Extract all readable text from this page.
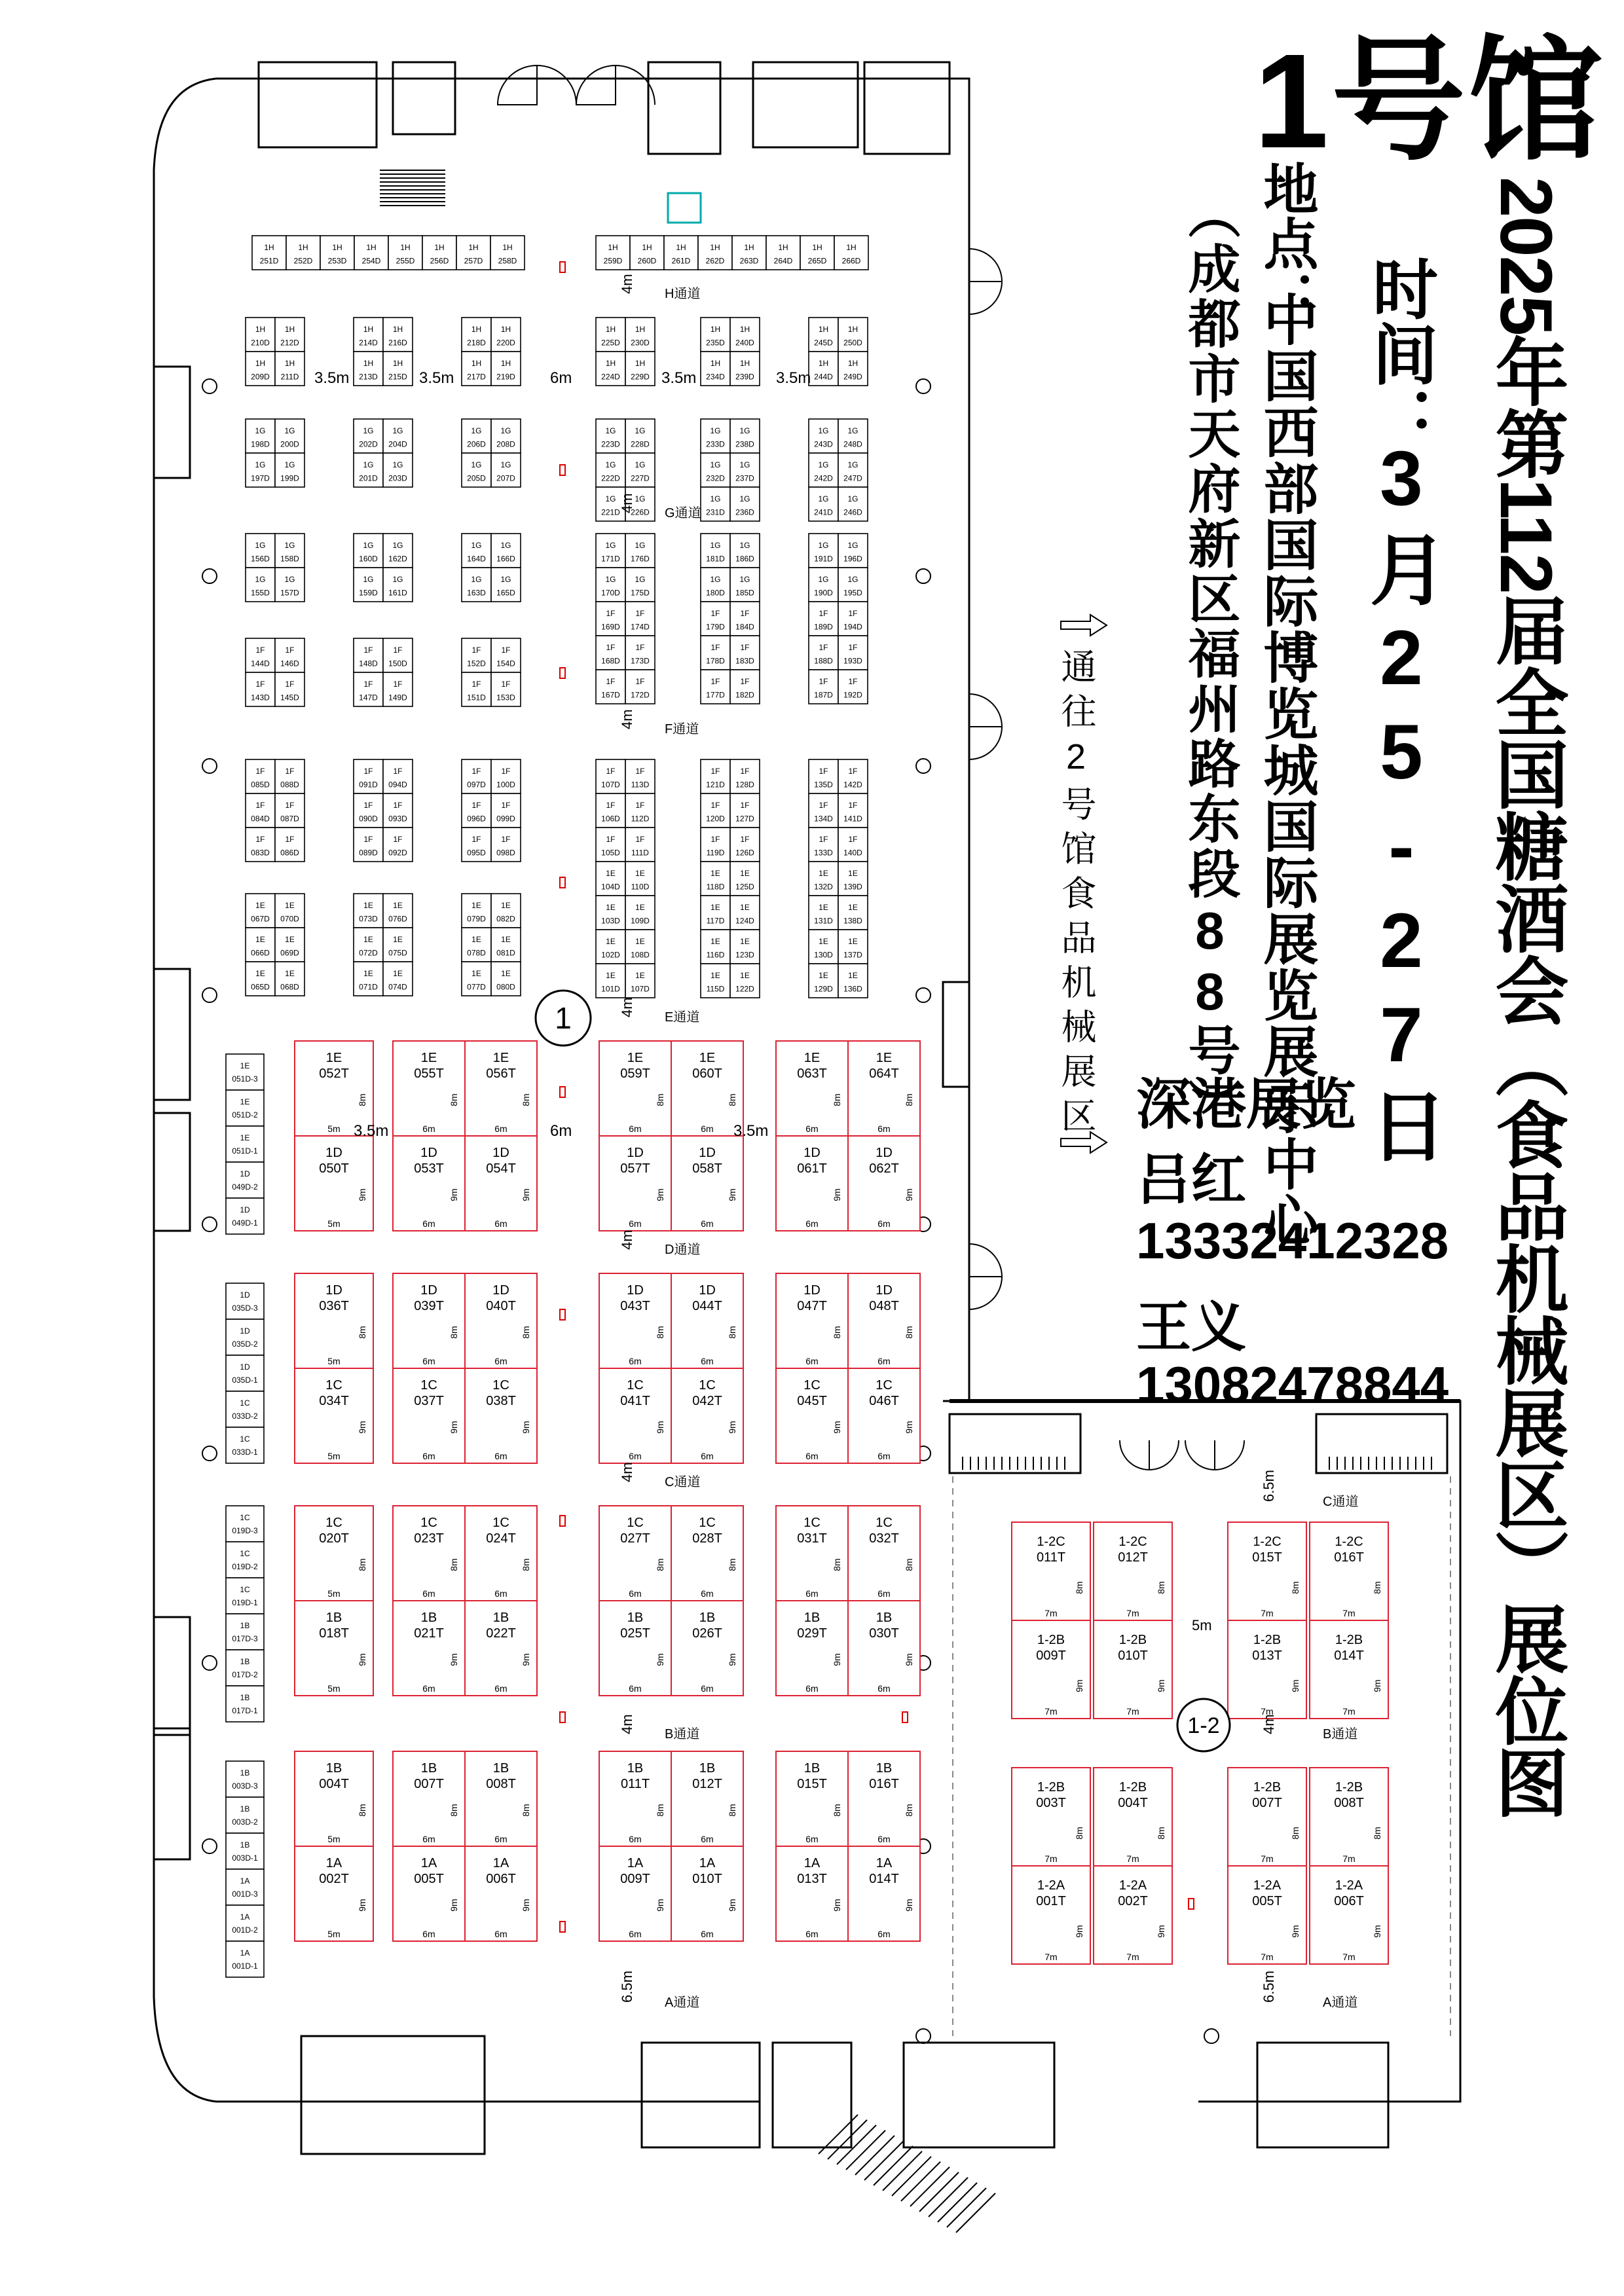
1H
251D
1H
252D
1H
253D
1H
254D
1H
255D
1H
256D
1H
257D
1H
258D
1H
259D
1H
260D
1H
261D
1H
262D
1H
263D
1H
264D
1H
265D
1H
266D
1H
210D
1H
212D
1H
209D
1H
211D
1H
214D
1H
216D
1H
213D
1H
215D
1H
218D
1H
220D
1H
217D
1H
219D
1H
225D
1H
230D
1H
224D
1H
229D
1H
235D
1H
240D
1H
234D
1H
239D
1H
245D
1H
250D
1H
244D
1H
249D
1G
198D
1G
200D
1G
197D
1G
199D
1G
202D
1G
204D
1G
201D
1G
203D
1G
206D
1G
208D
1G
205D
1G
207D
1G
223D
1G
228D
1G
222D
1G
227D
1G
221D
1G
226D
1G
233D
1G
238D
1G
232D
1G
237D
1G
231D
1G
236D
1G
243D
1G
248D
1G
242D
1G
247D
1G
241D
1G
246D
1G
156D
1G
158D
1G
155D
1G
157D
1G
160D
1G
162D
1G
159D
1G
161D
1G
164D
1G
166D
1G
163D
1G
165D
1G
171D
1G
176D
1G
170D
1G
175D
1F
169D
1F
174D
1F
168D
1F
173D
1F
167D
1F
172D
1G
181D
1G
186D
1G
180D
1G
185D
1F
179D
1F
184D
1F
178D
1F
183D
1F
177D
1F
182D
1G
191D
1G
196D
1G
190D
1G
195D
1F
189D
1F
194D
1F
188D
1F
193D
1F
187D
1F
192D
1F
144D
1F
146D
1F
143D
1F
145D
1F
148D
1F
150D
1F
147D
1F
149D
1F
152D
1F
154D
1F
151D
1F
153D
1F
085D
1F
088D
1F
084D
1F
087D
1F
083D
1F
086D
1F
091D
1F
094D
1F
090D
1F
093D
1F
089D
1F
092D
1F
097D
1F
100D
1F
096D
1F
099D
1F
095D
1F
098D
1F
107D
1F
113D
1F
106D
1F
112D
1F
105D
1F
111D
1E
104D
1E
110D
1E
103D
1E
109D
1E
102D
1E
108D
1E
101D
1E
107D
1F
121D
1F
128D
1F
120D
1F
127D
1F
119D
1F
126D
1E
118D
1E
125D
1E
117D
1E
124D
1E
116D
1E
123D
1E
115D
1E
122D
1F
135D
1F
142D
1F
134D
1F
141D
1F
133D
1F
140D
1E
132D
1E
139D
1E
131D
1E
138D
1E
130D
1E
137D
1E
129D
1E
136D
1E
067D
1E
070D
1E
066D
1E
069D
1E
065D
1E
068D
1E
073D
1E
076D
1E
072D
1E
075D
1E
071D
1E
074D
1E
079D
1E
082D
1E
078D
1E
081D
1E
077D
1E
080D
1E
052T
8m
5m
1E
055T
8m
6m
1E
056T
8m
6m
1E
059T
8m
6m
1E
060T
8m
6m
1E
063T
8m
6m
1E
064T
8m
6m
1D
050T
9m
5m
1D
053T
9m
6m
1D
054T
9m
6m
1D
057T
9m
6m
1D
058T
9m
6m
1D
061T
9m
6m
1D
062T
9m
6m
1D
036T
8m
5m
1D
039T
8m
6m
1D
040T
8m
6m
1D
043T
8m
6m
1D
044T
8m
6m
1D
047T
8m
6m
1D
048T
8m
6m
1C
034T
9m
5m
1C
037T
9m
6m
1C
038T
9m
6m
1C
041T
9m
6m
1C
042T
9m
6m
1C
045T
9m
6m
1C
046T
9m
6m
1C
020T
8m
5m
1C
023T
8m
6m
1C
024T
8m
6m
1C
027T
8m
6m
1C
028T
8m
6m
1C
031T
8m
6m
1C
032T
8m
6m
1B
018T
9m
5m
1B
021T
9m
6m
1B
022T
9m
6m
1B
025T
9m
6m
1B
026T
9m
6m
1B
029T
9m
6m
1B
030T
9m
6m
1B
004T
8m
5m
1B
007T
8m
6m
1B
008T
8m
6m
1B
011T
8m
6m
1B
012T
8m
6m
1B
015T
8m
6m
1B
016T
8m
6m
1A
002T
9m
5m
1A
005T
9m
6m
1A
006T
9m
6m
1A
009T
9m
6m
1A
010T
9m
6m
1A
013T
9m
6m
1A
014T
9m
6m
1E
051D-3
1E
051D-2
1E
051D-1
1D
049D-2
1D
049D-1
1D
035D-3
1D
035D-2
1D
035D-1
1C
033D-2
1C
033D-1
1C
019D-3
1C
019D-2
1C
019D-1
1B
017D-3
1B
017D-2
1B
017D-1
1B
003D-3
1B
003D-2
1B
003D-1
1A
001D-3
1A
001D-2
1A
001D-1
1-2C
011T
8m
7m
1-2C
012T
8m
7m
1-2C
015T
8m
7m
1-2C
016T
8m
7m
1-2B
009T
9m
7m
1-2B
010T
9m
7m
1-2B
013T
9m
7m
1-2B
014T
9m
7m
1-2B
003T
8m
7m
1-2B
004T
8m
7m
1-2B
007T
8m
7m
1-2B
008T
8m
7m
1-2A
001T
9m
7m
1-2A
002T
9m
7m
1-2A
005T
9m
7m
1-2A
006T
9m
7m
H通道
4m
G通道
4m
F通道
4m
E通道
4m
D通道
4m
C通道
4m
B通道
4m
A通道
6.5m
C通道
6.5m
B通道
4m
A通道
6.5m
5m
3.5m	3.5m	6m	3.5m	3.5m
3.5m	6m	3.5m
1
1-2
1号馆
2025年第112届全国糖酒会（食品机械展区）展位图
时间：
3月25-27日
地点：
中国西部国际博览城国际展览展示中心
（成都市天府新区福州路东段88号）
深港展览
吕红
13332412328
王义
13082478844
通往2号馆食品机械展区
